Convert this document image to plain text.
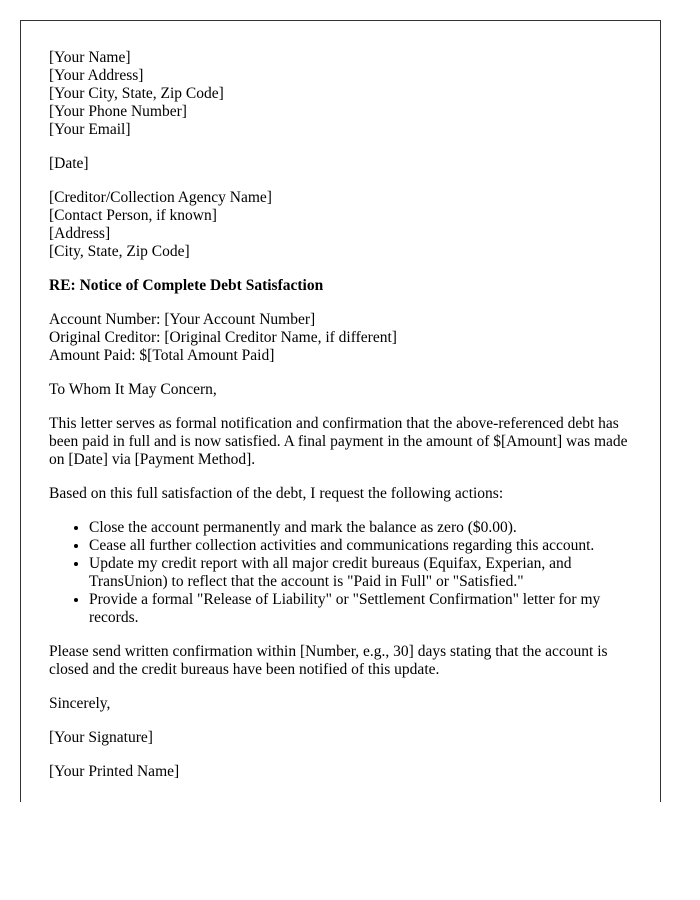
[Your Name]
[Your Address]
[Your City, State, Zip Code]
[Your Phone Number]
[Your Email]
[Date]
[Creditor/Collection Agency Name]
[Contact Person, if known]
[Address]
[City, State, Zip Code]
RE: Notice of Complete Debt Satisfaction
Account Number: [Your Account Number]
Original Creditor: [Original Creditor Name, if different]
Amount Paid: $[Total Amount Paid]

To Whom It May Concern,

This letter serves as formal notification and confirmation that the above-referenced debt has been paid in full and is now satisfied. A final payment in the amount of $[Amount] was made on [Date] via [Payment Method].

Based on this full satisfaction of the debt, I request the following actions:

• Close the account permanently and mark the balance as zero ($0.00).
• Cease all further collection activities and communications regarding this account.
• Update my credit report with all major credit bureaus (Equifax, Experian, and TransUnion) to reflect that the account is "Paid in Full" or "Satisfied."
• Provide a formal "Release of Liability" or "Settlement Confirmation" letter for my records.

Please send written confirmation within [Number, e.g., 30] days stating that the account is closed and the credit bureaus have been notified of this update.

Sincerely,

[Your Signature]

[Your Printed Name]
